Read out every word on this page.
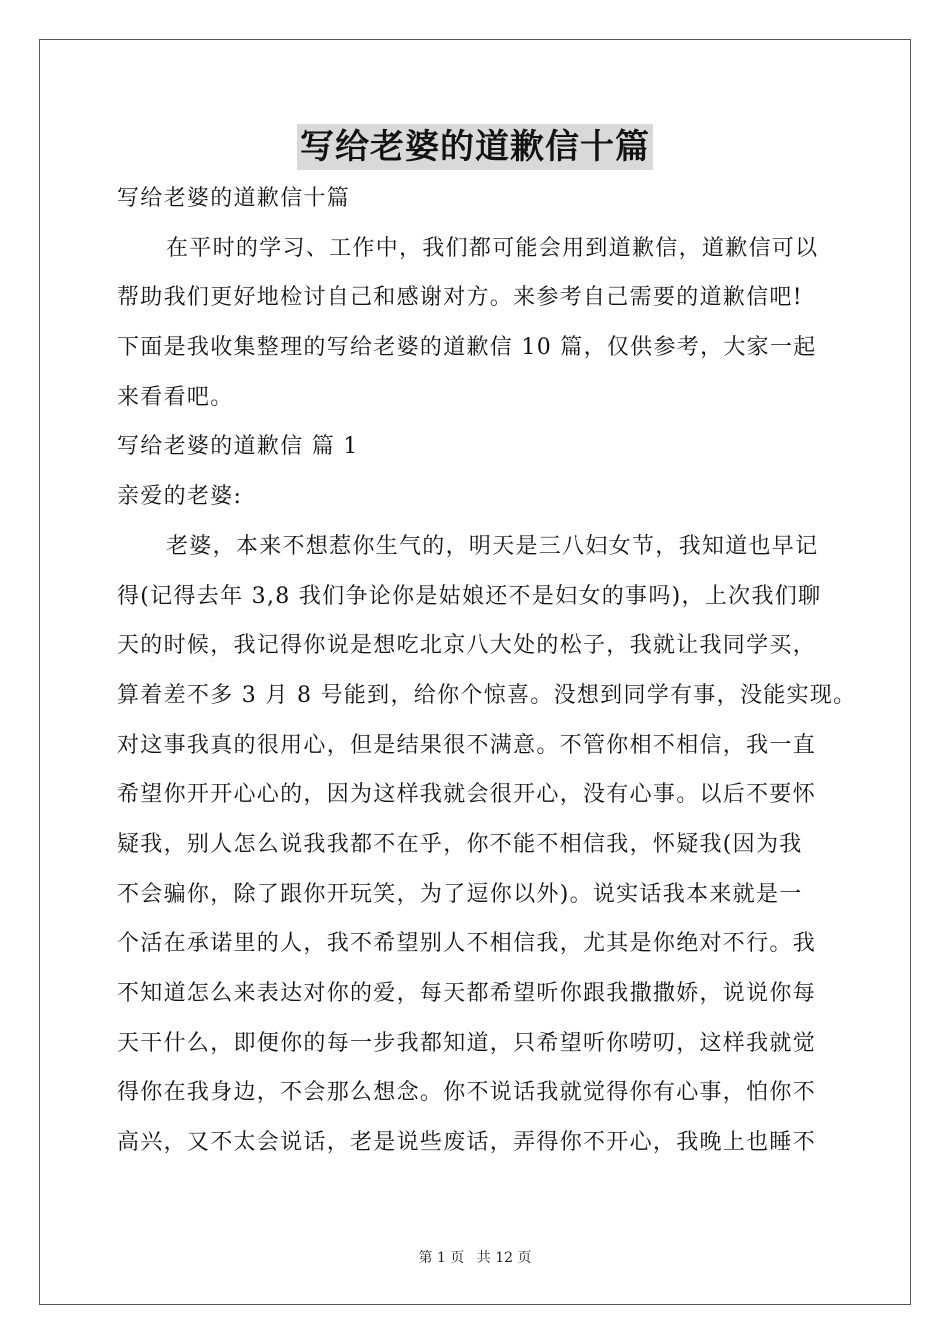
写给老婆的道歉信十篇
写给老婆的道歉信十篇
在平时的学习、工作中，我们都可能会用到道歉信，道歉信可以
帮助我们更好地检讨自己和感谢对方。来参考自己需要的道歉信吧!
下面是我收集整理的写给老婆的道歉信 10 篇，仅供参考，大家一起
来看看吧。
写给老婆的道歉信 篇 1
亲爱的老婆:
老婆，本来不想惹你生气的，明天是三八妇女节，我知道也早记
得(记得去年 3,8 我们争论你是姑娘还不是妇女的事吗)，上次我们聊
天的时候，我记得你说是想吃北京八大处的松子，我就让我同学买，
算着差不多 3 月 8 号能到，给你个惊喜。没想到同学有事，没能实现。
对这事我真的很用心，但是结果很不满意。不管你相不相信，我一直
希望你开开心心的，因为这样我就会很开心，没有心事。以后不要怀
疑我，别人怎么说我我都不在乎，你不能不相信我，怀疑我(因为我
不会骗你，除了跟你开玩笑，为了逗你以外)。说实话我本来就是一
个活在承诺里的人，我不希望别人不相信我，尤其是你绝对不行。我
不知道怎么来表达对你的爱，每天都希望听你跟我撒撒娇，说说你每
天干什么，即便你的每一步我都知道，只希望听你唠叨，这样我就觉
得你在我身边，不会那么想念。你不说话我就觉得你有心事，怕你不
高兴，又不太会说话，老是说些废话，弄得你不开心，我晚上也睡不
第 1 页 共 12 页
